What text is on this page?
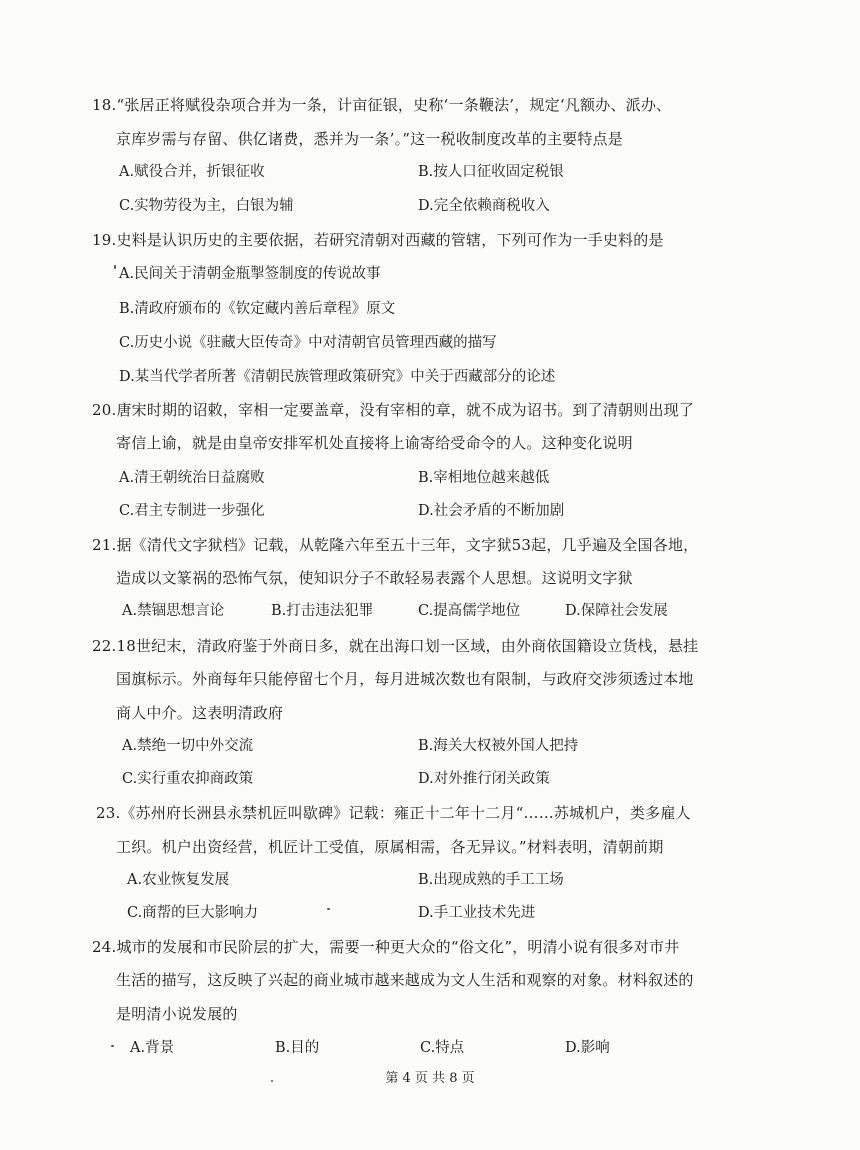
18.“张居正将赋役杂项合并为一条，计亩征银，史称‘一条鞭法’，规定‘凡额办、派办、
京库岁需与存留、供亿诸费，悉并为一条’。”这一税收制度改革的主要特点是
A.赋役合并，折银征收	B.按人口征收固定税银
C.实物劳役为主，白银为辅	D.完全依赖商税收入
19.史料是认识历史的主要依据，若研究清朝对西藏的管辖，下列可作为一手史料的是
A.民间关于清朝金瓶掣签制度的传说故事
B.清政府颁布的《钦定藏内善后章程》原文
C.历史小说《驻藏大臣传奇》中对清朝官员管理西藏的描写
D.某当代学者所著《清朝民族管理政策研究》中关于西藏部分的论述
20.唐宋时期的诏敕，宰相一定要盖章，没有宰相的章，就不成为诏书。到了清朝则出现了
寄信上谕，就是由皇帝安排军机处直接将上谕寄给受命令的人。这种变化说明
A.清王朝统治日益腐败	B.宰相地位越来越低
C.君主专制进一步强化	D.社会矛盾的不断加剧
21.据《清代文字狱档》记载，从乾隆六年至五十三年，文字狱53起，几乎遍及全国各地，
造成以文篆祸的恐怖气氛，使知识分子不敢轻易表露个人思想。这说明文字狱
A.禁锢思想言论	B.打击违法犯罪	C.提高儒学地位	D.保障社会发展
22.18世纪末，清政府鉴于外商日多，就在出海口划一区域，由外商依国籍设立货栈，悬挂
国旗标示。外商每年只能停留七个月，每月进城次数也有限制，与政府交涉须透过本地
商人中介。这表明清政府
A.禁绝一切中外交流	B.海关大权被外国人把持
C.实行重农抑商政策	D.对外推行闭关政策
23.《苏州府长洲县永禁机匠叫歇碑》记载：雍正十二年十二月“……苏城机户，类多雇人
工织。机户出资经营，机匠计工受值，原属相需，各无异议。”材料表明，清朝前期
A.农业恢复发展	B.出现成熟的手工工场
C.商帮的巨大影响力	D.手工业技术先进
24.城市的发展和市民阶层的扩大，需要一种更大众的“俗文化”，明清小说有很多对市井
生活的描写，这反映了兴起的商业城市越来越成为文人生活和观察的对象。材料叙述的
是明清小说发展的
A.背景	B.目的	C.特点	D.影响
第 4 页 共 8 页
